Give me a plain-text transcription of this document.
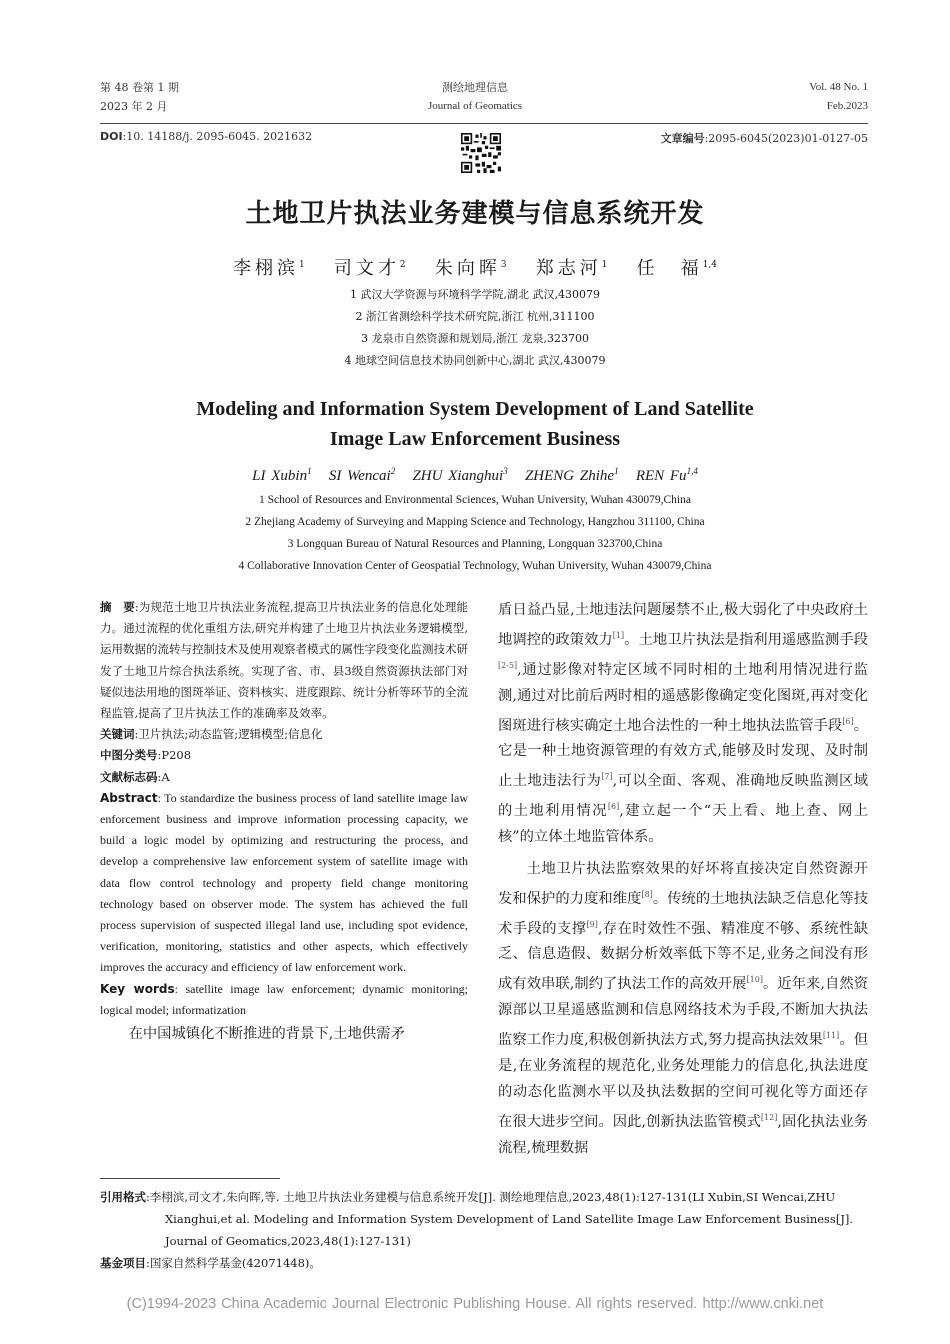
第 48 卷第 1 期
2023 年 2 月
测绘地理信息
Journal of Geomatics
Vol. 48 No. 1
Feb.2023
DOI:10. 14188/j. 2095-6045. 2021632	文章编号:2095-6045(2023)01-0127-05
土地卫片执法业务建模与信息系统开发
李栩滨$^1$ 司文才$^2$ 朱向晖$^3$ 郑志河$^1$ 任　福$^{1,4}$
1 武汉大学资源与环境科学学院,湖北 武汉,430079
2 浙江省测绘科学技术研究院,浙江 杭州,311100
3 龙泉市自然资源和规划局,浙江 龙泉,323700
4 地球空间信息技术协同创新中心,湖北 武汉,430079
Modeling and Information System Development of Land Satellite
Image Law Enforcement Business
LI Xubin$^1$ SI Wencai$^2$ ZHU Xianghui$^3$ ZHENG Zhihe$^1$ REN Fu$^{1,4}$
1 School of Resources and Environmental Sciences, Wuhan University, Wuhan 430079,China
2 Zhejiang Academy of Surveying and Mapping Science and Technology, Hangzhou 311100, China
3 Longquan Bureau of Natural Resources and Planning, Longquan 323700,China
4 Collaborative Innovation Center of Geospatial Technology, Wuhan University, Wuhan 430079,China
摘　要:为规范土地卫片执法业务流程,提高卫片执法业务的信息化处理能力。通过流程的优化重组方法,研究并构建了土地卫片执法业务逻辑模型,运用数据的流转与控制技术及使用观察者模式的属性字段变化监测技术研发了土地卫片综合执法系统。实现了省、市、县3级自然资源执法部门对疑似违法用地的图斑举证、资料核实、进度跟踪、统计分析等环节的全流程监管,提高了卫片执法工作的准确率及效率。
关键词:卫片执法;动态监管;逻辑模型;信息化
中图分类号:P208
文献标志码:A
Abstract: To standardize the business process of land satellite image law enforcement business and improve information processing capacity, we build a logic model by optimizing and restructuring the process, and develop a comprehensive law enforcement system of satellite image with data flow control technology and property field change monitoring technology based on observer mode. The system has achieved the full process supervision of suspected illegal land use, including spot evidence, verification, monitoring, statistics and other aspects, which effectively improves the accuracy and efficiency of law enforcement work.
Key words: satellite image law enforcement; dynamic monitoring; logical model; informatization
在中国城镇化不断推进的背景下,土地供需矛

盾日益凸显,土地违法问题屡禁不止,极大弱化了中央政府土地调控的政策效力[1]。土地卫片执法是指利用遥感监测手段[2-5],通过影像对特定区域不同时相的土地利用情况进行监测,通过对比前后两时相的遥感影像确定变化图斑,再对变化图斑进行核实确定土地合法性的一种土地执法监管手段[6]。它是一种土地资源管理的有效方式,能够及时发现、及时制止土地违法行为[7],可以全面、客观、准确地反映监测区域的土地利用情况[6],建立起一个“天上看、地上查、网上核”的立体土地监管体系。

土地卫片执法监察效果的好坏将直接决定自然资源开发和保护的力度和维度[8]。传统的土地执法缺乏信息化等技术手段的支撑[9],存在时效性不强、精准度不够、系统性缺乏、信息造假、数据分析效率低下等不足,业务之间没有形成有效串联,制约了执法工作的高效开展[10]。近年来,自然资源部以卫星遥感监测和信息网络技术为手段,不断加大执法监察工作力度,积极创新执法方式,努力提高执法效果[11]。但是,在业务流程的规范化,业务处理能力的信息化,执法进度的动态化监测水平以及执法数据的空间可视化等方面还存在很大进步空间。因此,创新执法监管模式[12],固化执法业务流程,梳理数据

引用格式:李栩滨,司文才,朱向晖,等. 土地卫片执法业务建模与信息系统开发[J]. 测绘地理信息,2023,48(1):127-131(LI Xubin,SI Wencai,ZHU Xianghui,et al. Modeling and Information System Development of Land Satellite Image Law Enforcement Business[J]. Journal of Geomatics,2023,48(1):127-131)
基金项目:国家自然科学基金(42071448)。
(C)1994-2023 China Academic Journal Electronic Publishing House. All rights reserved. http://www.cnki.net
